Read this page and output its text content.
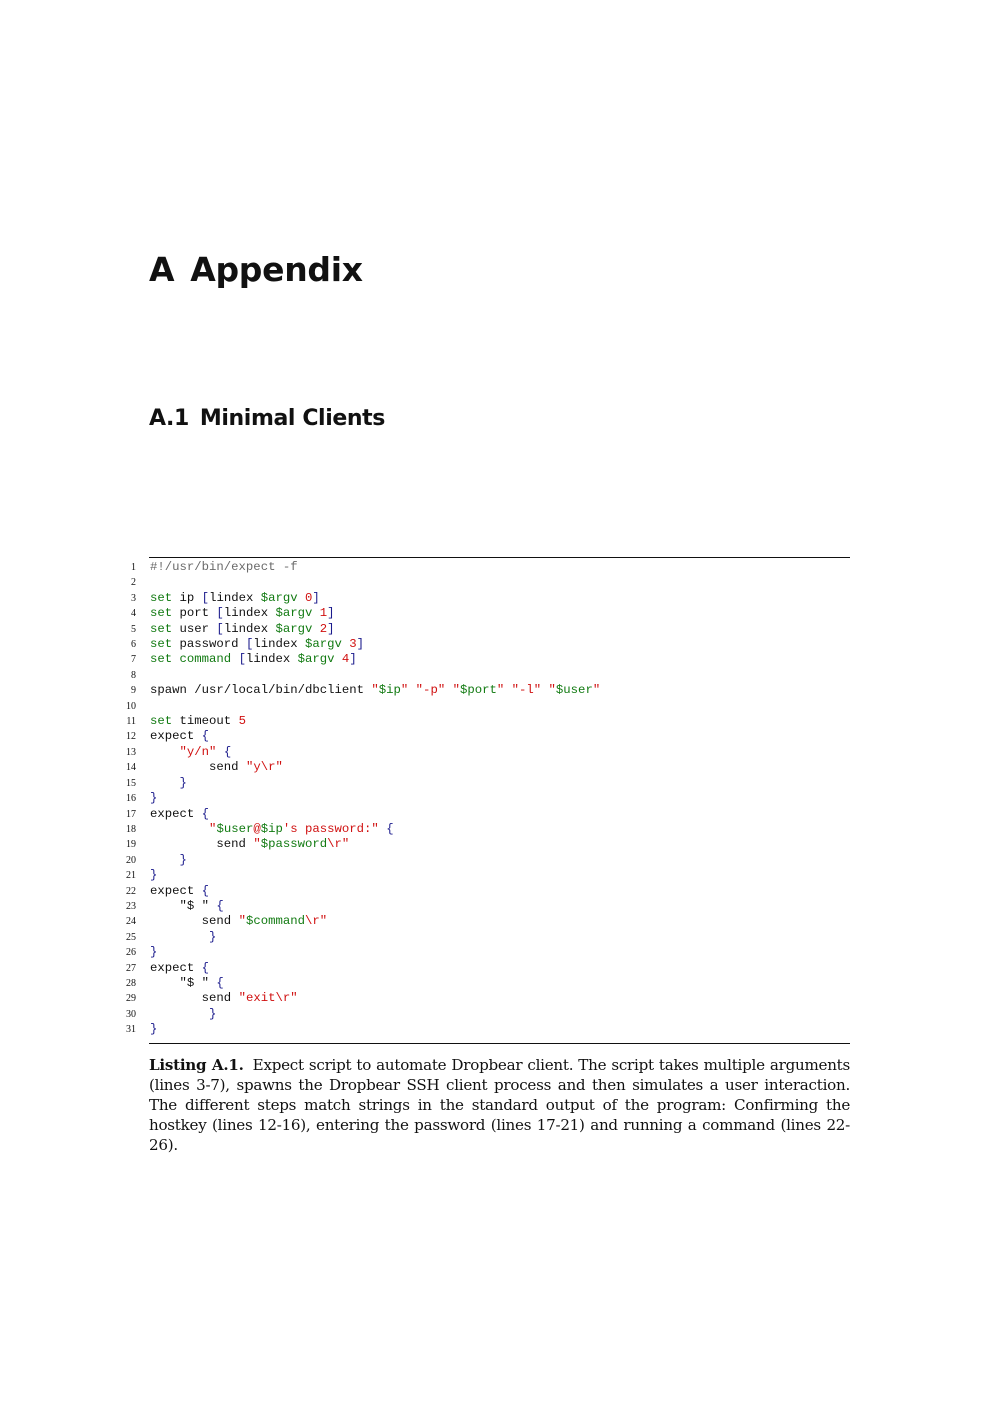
A Appendix
A.1 Minimal Clients
1 #!/usr/bin/expect -f
2
3 set ip [lindex $argv 0]
4 set port [lindex $argv 1]
5 set user [lindex $argv 2]
6 set password [lindex $argv 3]
7 set command [lindex $argv 4]
8
9 spawn /usr/local/bin/dbclient "$ip" "-p" "$port" "-l" "$user"
10
11 set timeout 5
12 expect {
13	"y/n" {
14 send "y\r"
15	}
16 }
17 expect {
18	"$user@$ip's password:" {
19 send "$password\r"
20	}
21 }
22 expect {
23 "$ " {
24 send "$command\r"
25	}
26 }
27 expect {
28 "$ " {
29 send "exit\r"
30	}
31 }

Listing A.1. Expect script to automate Dropbear client. The script takes multiple arguments (lines 3-7), spawns the Dropbear SSH client process and then simulates a user interaction. The different steps match strings in the standard output of the program: Confirming the hostkey (lines 12-16), entering the password (lines 17-21) and running a command (lines 22-26).
